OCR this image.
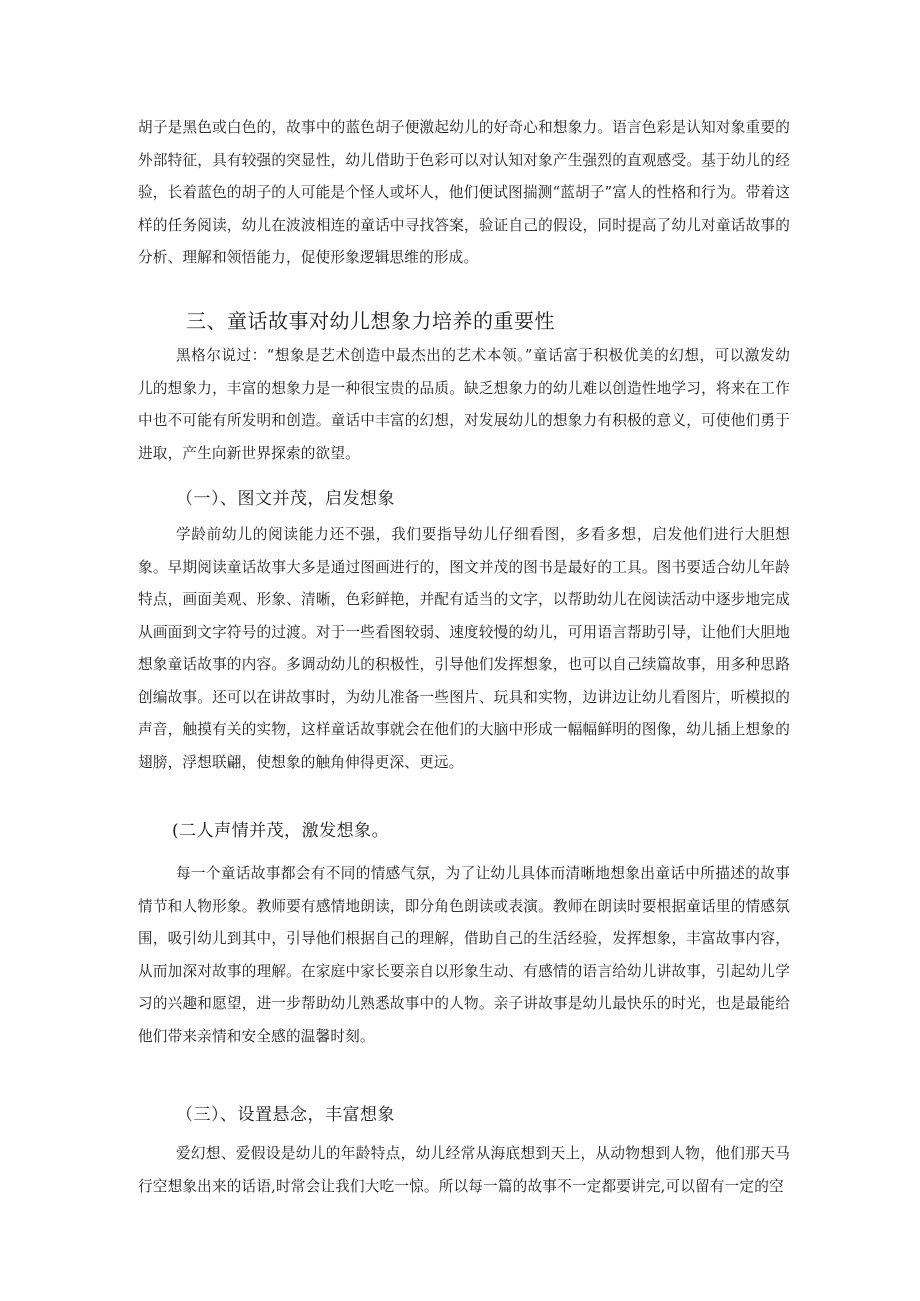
胡子是黑色或白色的，故事中的蓝色胡子便激起幼儿的好奇心和想象力。语言色彩是认知对象重要的外部特征，具有较强的突显性，幼儿借助于色彩可以对认知对象产生强烈的直观感受。基于幼儿的经验，长着蓝色的胡子的人可能是个怪人或坏人，他们便试图揣测“蓝胡子”富人的性格和行为。带着这样的任务阅读，幼儿在波波相连的童话中寻找答案，验证自己的假设，同时提高了幼儿对童话故事的分析、理解和领悟能力，促使形象逻辑思维的形成。

三、童话故事对幼儿想象力培养的重要性

黑格尔说过：“想象是艺术创造中最杰出的艺术本领。”童话富于积极优美的幻想，可以激发幼儿的想象力，丰富的想象力是一种很宝贵的品质。缺乏想象力的幼儿难以创造性地学习，将来在工作中也不可能有所发明和创造。童话中丰富的幻想，对发展幼儿的想象力有积极的意义，可使他们勇于进取，产生向新世界探索的欲望。

（一）、图文并茂，启发想象

学龄前幼儿的阅读能力还不强，我们要指导幼儿仔细看图，多看多想，启发他们进行大胆想象。早期阅读童话故事大多是通过图画进行的，图文并茂的图书是最好的工具。图书要适合幼儿年龄特点，画面美观、形象、清晰，色彩鲜艳，并配有适当的文字，以帮助幼儿在阅读活动中逐步地完成从画面到文字符号的过渡。对于一些看图较弱、速度较慢的幼儿，可用语言帮助引导，让他们大胆地想象童话故事的内容。多调动幼儿的积极性，引导他们发挥想象，也可以自己续篇故事，用多种思路创编故事。还可以在讲故事时，为幼儿准备一些图片、玩具和实物，边讲边让幼儿看图片，听模拟的声音，触摸有关的实物，这样童话故事就会在他们的大脑中形成一幅幅鲜明的图像，幼儿插上想象的翅膀，浮想联翩，使想象的触角伸得更深、更远。

(二人声情并茂，激发想象。

每一个童话故事都会有不同的情感气氛，为了让幼儿具体而清晰地想象出童话中所描述的故事情节和人物形象。教师要有感情地朗读，即分角色朗读或表演。教师在朗读时要根据童话里的情感氛围，吸引幼儿到其中，引导他们根据自己的理解，借助自己的生活经验，发挥想象，丰富故事内容，从而加深对故事的理解。在家庭中家长要亲自以形象生动、有感情的语言给幼儿讲故事，引起幼儿学习的兴趣和愿望，进一步帮助幼儿熟悉故事中的人物。亲子讲故事是幼儿最快乐的时光，也是最能给他们带来亲情和安全感的温馨时刻。

（三）、设置悬念，丰富想象

爱幻想、爱假设是幼儿的年龄特点，幼儿经常从海底想到天上，从动物想到人物，他们那天马行空想象出来的话语,时常会让我们大吃一惊。所以每一篇的故事不一定都要讲完,可以留有一定的空
